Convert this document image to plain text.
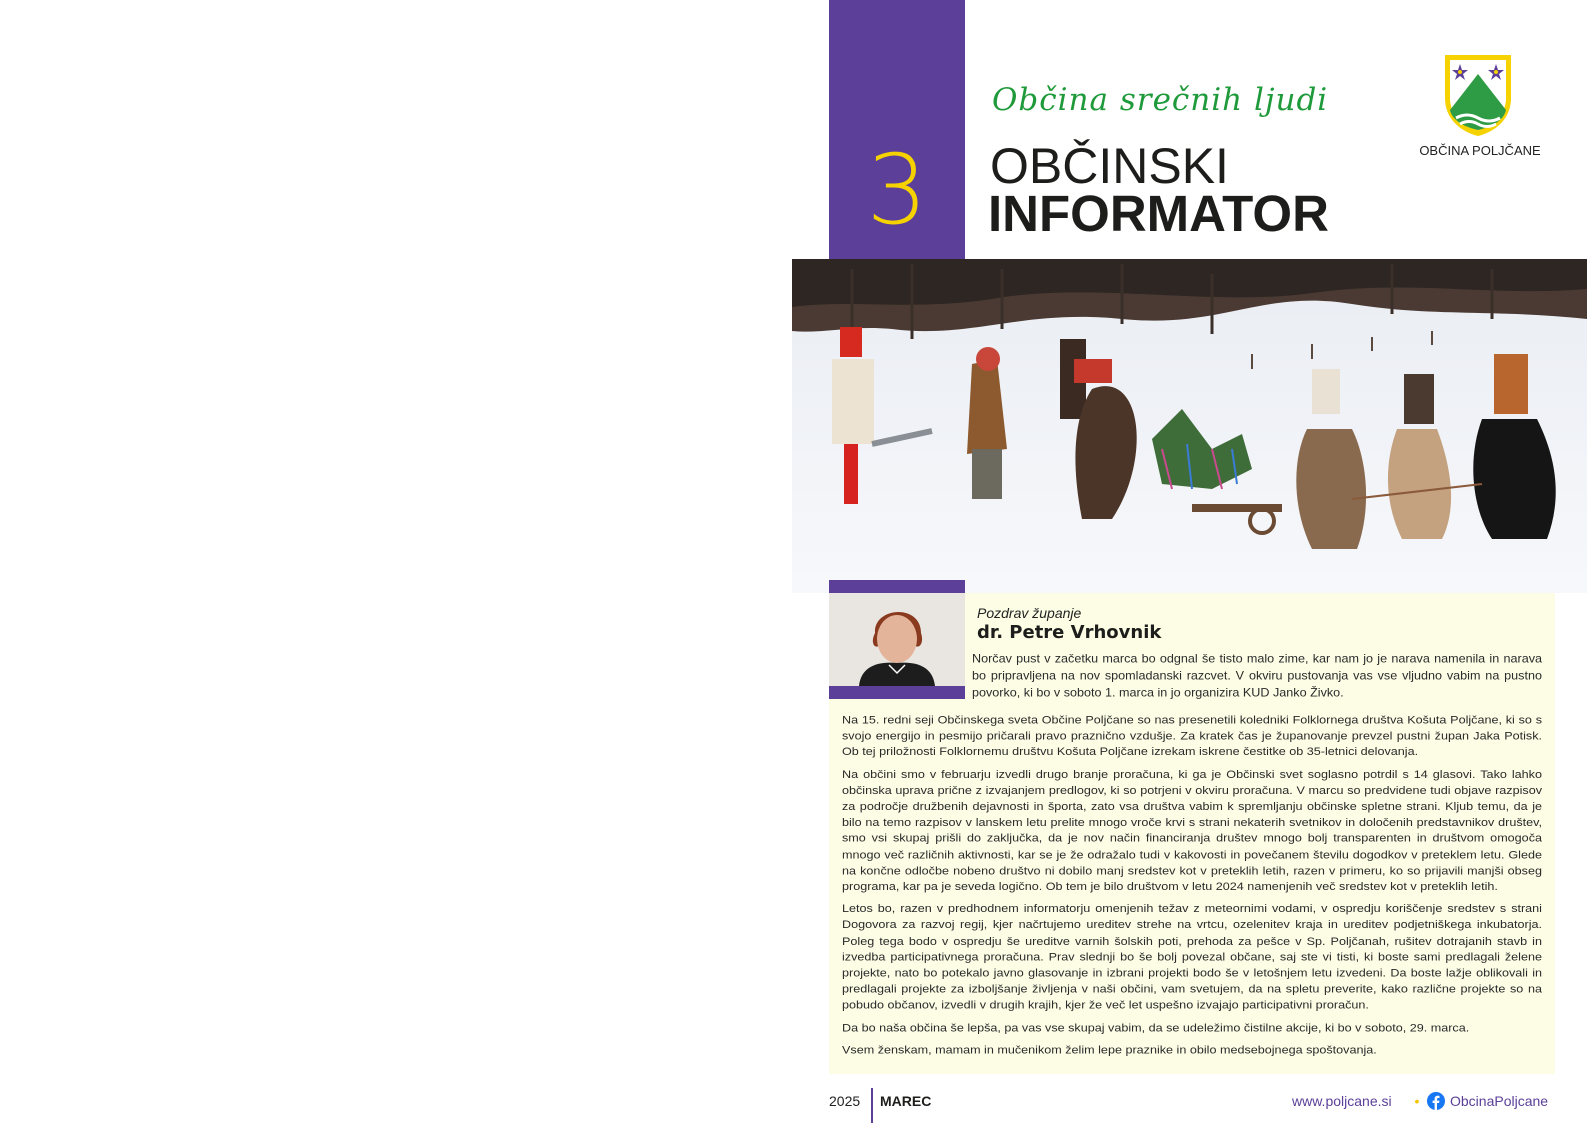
3
Občina srečnih ljudi
OBČINSKI
INFORMATOR
OBČINA POLJČANE
Pozdrav županje
dr. Petre Vrhovnik

Norčav pust v začetku marca bo odgnal še tisto malo zime, kar nam jo je narava namenila in narava bo pripravljena na nov spomladanski razcvet. V okviru pustovanja vas vse vljudno vabim na pustno povorko, ki bo v soboto 1. marca in jo organizira KUD Janko Živko.

Na 15. redni seji Občinskega sveta Občine Poljčane so nas presenetili koledniki Folklornega društva Košuta Poljčane, ki so s svojo energijo in pesmijo pričarali pravo praznično vzdušje. Za kratek čas je županovanje prevzel pustni župan Jaka Potisk. Ob tej priložnosti Folklornemu društvu Košuta Poljčane izrekam iskrene čestitke ob 35-letnici delovanja.

Na občini smo v februarju izvedli drugo branje proračuna, ki ga je Občinski svet soglasno potrdil s 14 glasovi. Tako lahko občinska uprava prične z izvajanjem predlogov, ki so potrjeni v okviru proračuna. V marcu so predvidene tudi objave razpisov za področje družbenih dejavnosti in športa, zato vsa društva vabim k spremljanju občinske spletne strani. Kljub temu, da je bilo na temo razpisov v lanskem letu prelite mnogo vroče krvi s strani nekaterih svetnikov in določenih predstavnikov društev, smo vsi skupaj prišli do zaključka, da je nov način financiranja društev mnogo bolj transparenten in društvom omogoča mnogo več različnih aktivnosti, kar se je že odražalo tudi v kakovosti in povečanem številu dogodkov v preteklem letu. Glede na končne odločbe nobeno društvo ni dobilo manj sredstev kot v preteklih letih, razen v primeru, ko so prijavili manjši obseg programa, kar pa je seveda logično. Ob tem je bilo društvom v letu 2024 namenjenih več sredstev kot v preteklih letih.

Letos bo, razen v predhodnem informatorju omenjenih težav z meteornimi vodami, v ospredju koriščenje sredstev s strani Dogovora za razvoj regij, kjer načrtujemo ureditev strehe na vrtcu, ozelenitev kraja in ureditev podjetniškega inkubatorja. Poleg tega bodo v ospredju še ureditve varnih šolskih poti, prehoda za pešce v Sp. Poljčanah, rušitev dotrajanih stavb in izvedba participativnega proračuna. Prav slednji bo še bolj povezal občane, saj ste vi tisti, ki boste sami predlagali želene projekte, nato bo potekalo javno glasovanje in izbrani projekti bodo še v letošnjem letu izvedeni. Da boste lažje oblikovali in predlagali projekte za izboljšanje življenja v naši občini, vam svetujem, da na spletu preverite, kako različne projekte so na pobudo občanov, izvedli v drugih krajih, kjer že več let uspešno izvajajo participativni proračun.

Da bo naša občina še lepša, pa vas vse skupaj vabim, da se udeležimo čistilne akcije, ki bo v soboto, 29. marca.

Vsem ženskam, mamam in mučenikom želim lepe praznike in obilo medsebojnega spoštovanja.

2025	MAREC	www.poljcane.si	• ObcinaPoljcane
